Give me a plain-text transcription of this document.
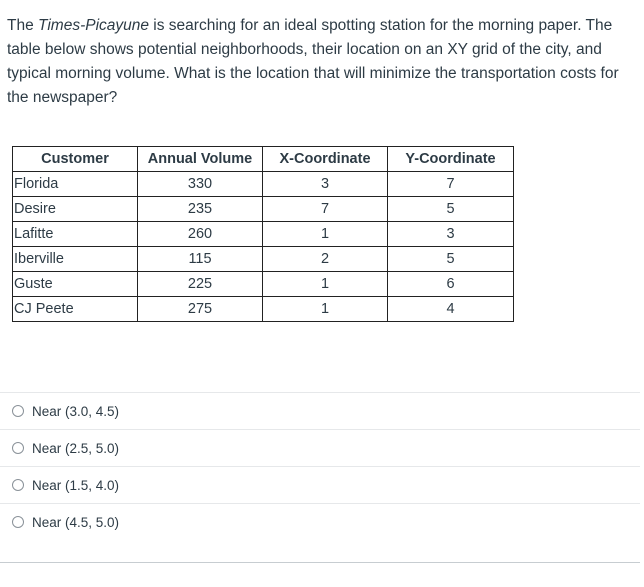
The Times-Picayune is searching for an ideal spotting station for the morning paper. The table below shows potential neighborhoods, their location on an XY grid of the city, and typical morning volume. What is the location that will minimize the transportation costs for the newspaper?
Customer	Annual Volume	X-Coordinate	Y-Coordinate
Florida	330	3	7
Desire	235	7	5
Lafitte	260	1	3
Iberville	115	2	5
Guste	225	1	6
CJ Peete	275	1	4
Near (3.0, 4.5)
Near (2.5, 5.0)
Near (1.5, 4.0)
Near (4.5, 5.0)
